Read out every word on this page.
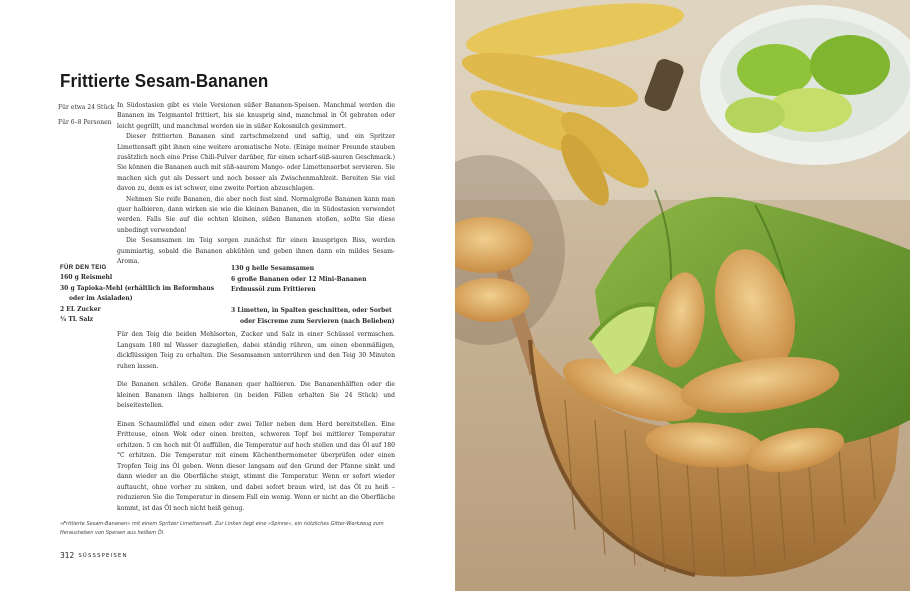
Frittierte Sesam-Bananen
Für etwa 24 Stück
Für 6–8 Personen

In Südostasien gibt es viele Versionen süßer Bananen-Speisen. Manchmal werden die Bananen im Teigmantel frittiert, bis sie knusprig sind, manchmal in Öl gebraten oder leicht gegrillt, und manchmal werden sie in süßer Kokosmilch gesimmert.

Dieser frittierten Bananen sind zartschmelzend und saftig, und ein Spritzer Limettensaft gibt ihnen eine weitere aromatische Note. (Einige meiner Freunde stauben zusätzlich noch eine Prise Chili-Pulver darüber, für einen scharf-süß-sauren Geschmack.) Sie können die Bananen auch mit süß-saurem Mango- oder Limettensorbet servieren. Sie machen sich gut als Dessert und noch besser als Zwischenmahlzeit. Bereiten Sie viel davon zu, denn es ist schwer, eine zweite Portion abzuschlagen.

Nehmen Sie reife Bananen, die aber noch fest sind. Normalgroße Bananen kann man quer halbieren, dann wirken sie wie die kleinen Bananen, die in Südostasien verwendet werden. Falls Sie auf die echten kleinen, süßen Bananen stoßen, sollte Sie diese unbedingt verwenden!

Die Sesamsamen im Teig sorgen zunächst für einen knusprigen Biss, werden gummiartig, sobald die Bananen abkühlen und geben ihnen dann ein mildes Sesam-Aroma.

FÜR DEN TEIG
160 g Reismehl
30 g Tapioka-Mehl (erhältlich im Reformhaus
oder im Asialaden)
2 EL Zucker
¾ TL Salz
130 g helle Sesamsamen
6 große Bananen oder 12 Mini-Bananen
Erdnussöl zum Frittieren
3 Limetten, in Spalten geschnitten, oder Sorbet
oder Eiscreme zum Servieren (nach Belieben)

Für den Teig die beiden Mehlsorten, Zucker und Salz in einer Schüssel vermischen. Langsam 180 ml Wasser dazugießen, dabei ständig rühren, um einen ebenmäßigen, dickflüssigen Teig zu erhalten. Die Sesamsamen unterrühren und den Teig 30 Minuten ruhen lassen.

Die Bananen schälen. Große Bananen quer halbieren. Die Bananenhälften oder die kleinen Bananen längs halbieren (in beiden Fällen erhalten Sie 24 Stück) und beiseitestellen.

Einen Schaumlöffel und einen oder zwei Teller neben dem Herd bereitstellen. Eine Fritteuse, einen Wok oder einen breiten, schweren Topf bei mittlerer Temperatur erhitzen. 5 cm hoch mit Öl auffüllen, die Temperatur auf hoch stellen und das Öl auf 180 °C erhitzen. Die Temperatur mit einem Küchenthermometer überprüfen oder einen Tropfen Teig ins Öl geben. Wenn dieser langsam auf den Grund der Pfanne sinkt und dann wieder an die Oberfläche steigt, stimmt die Temperatur. Wenn er sofort wieder auftaucht, ohne vorher zu sinken, und dabei sofort braun wird, ist das Öl zu heiß – reduzieren Sie die Temperatur in diesem Fall ein wenig. Wenn er nicht an die Oberfläche kommt, ist das Öl noch nicht heiß genug.

»Frittierte Sesam-Bananen« mit einem Spritzer Limettensaft. Zur Linken liegt eine »Spinne«, ein nützliches Gitter-Werkzeug zum Herausheben von Speisen aus heißem Öl.
312 SÜSSSPEISEN
